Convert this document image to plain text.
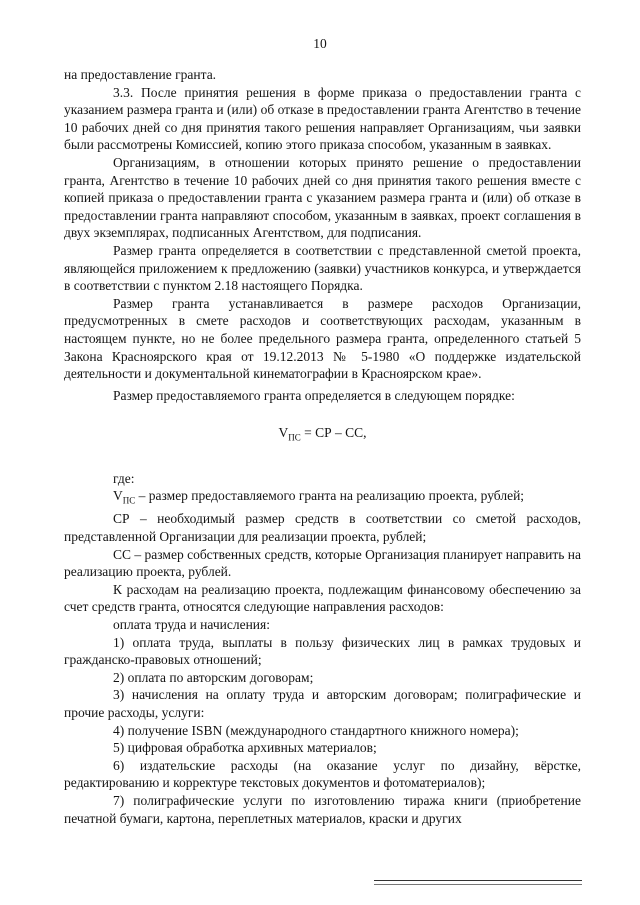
10

на предоставление гранта.

3.3. После принятия решения в форме приказа о предоставлении гранта с указанием размера гранта и (или) об отказе в предоставлении гранта Агентство в течение 10 рабочих дней со дня принятия такого решения направляет Организациям, чьи заявки были рассмотрены Комиссией, копию этого приказа способом, указанным в заявках.

Организациям, в отношении которых принято решение о предоставлении гранта, Агентство в течение 10 рабочих дней со дня принятия такого решения вместе с копией приказа о предоставлении гранта с указанием размера гранта и (или) об отказе в предоставлении гранта направляют способом, указанным в заявках, проект соглашения в двух экземплярах, подписанных Агентством, для подписания.

Размер гранта определяется в соответствии с представленной сметой проекта, являющейся приложением к предложению (заявки) участников конкурса, и утверждается в соответствии с пунктом 2.18 настоящего Порядка.

Размер гранта устанавливается в размере расходов Организации, предусмотренных в смете расходов и соответствующих расходам, указанным в настоящем пункте, но не более предельного размера гранта, определенного статьей 5 Закона Красноярского края от 19.12.2013 № 5-1980 «О поддержке издательской деятельности и документальной кинематографии в Красноярском крае».

Размер предоставляемого гранта определяется в следующем порядке:

$V_{ПС}$ = СР – СС,

где:

$V_{ПС}$ – размер предоставляемого гранта на реализацию проекта, рублей;

СР – необходимый размер средств в соответствии со сметой расходов, представленной Организации для реализации проекта, рублей;

СС – размер собственных средств, которые Организация планирует направить на реализацию проекта, рублей.

К расходам на реализацию проекта, подлежащим финансовому обеспечению за счет средств гранта, относятся следующие направления расходов:

оплата труда и начисления:

1) оплата труда, выплаты в пользу физических лиц в рамках трудовых и гражданско-правовых отношений;

2) оплата по авторским договорам;

3) начисления на оплату труда и авторским договорам; полиграфические и прочие расходы, услуги:

4) получение ISBN (международного стандартного книжного номера);

5) цифровая обработка архивных материалов;

6) издательские расходы (на оказание услуг по дизайну, вёрстке, редактированию и корректуре текстовых документов и фотоматериалов);

7) полиграфические услуги по изготовлению тиража книги (приобретение печатной бумаги, картона, переплетных материалов, краски и других
